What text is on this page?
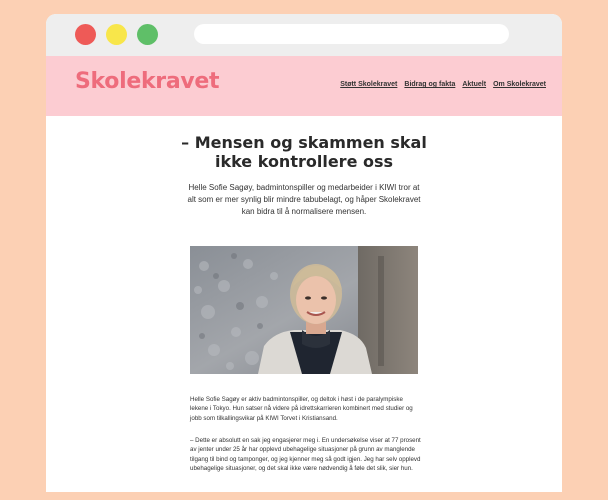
Skolekravet	Støtt Skolekravet Bidrag og fakta Aktuelt Om Skolekravet
– Mensen og skammen skal
ikke kontrollere oss

Helle Sofie Sagøy, badmintonspiller og medarbeider i KIWI tror at alt som er mer synlig blir mindre tabubelagt, og håper Skolekravet kan bidra til å normalisere mensen.

Helle Sofie Sagøy er aktiv badmintonspiller, og deltok i høst i de paralympiske lekene i Tokyo. Hun satser nå videre på idrettskarrieren kombinert med studier og jobb som tilkallingsvikar på KIWI Torvet i Kristiansand.

– Dette er absolutt en sak jeg engasjerer meg i. En undersøkelse viser at 77 prosent av jenter under 25 år har opplevd ubehagelige situasjoner på grunn av manglende tilgang til bind og tamponger, og jeg kjenner meg så godt igjen. Jeg har selv opplevd ubehagelige situasjoner, og det skal ikke være nødvendig å føle det slik, sier hun.
